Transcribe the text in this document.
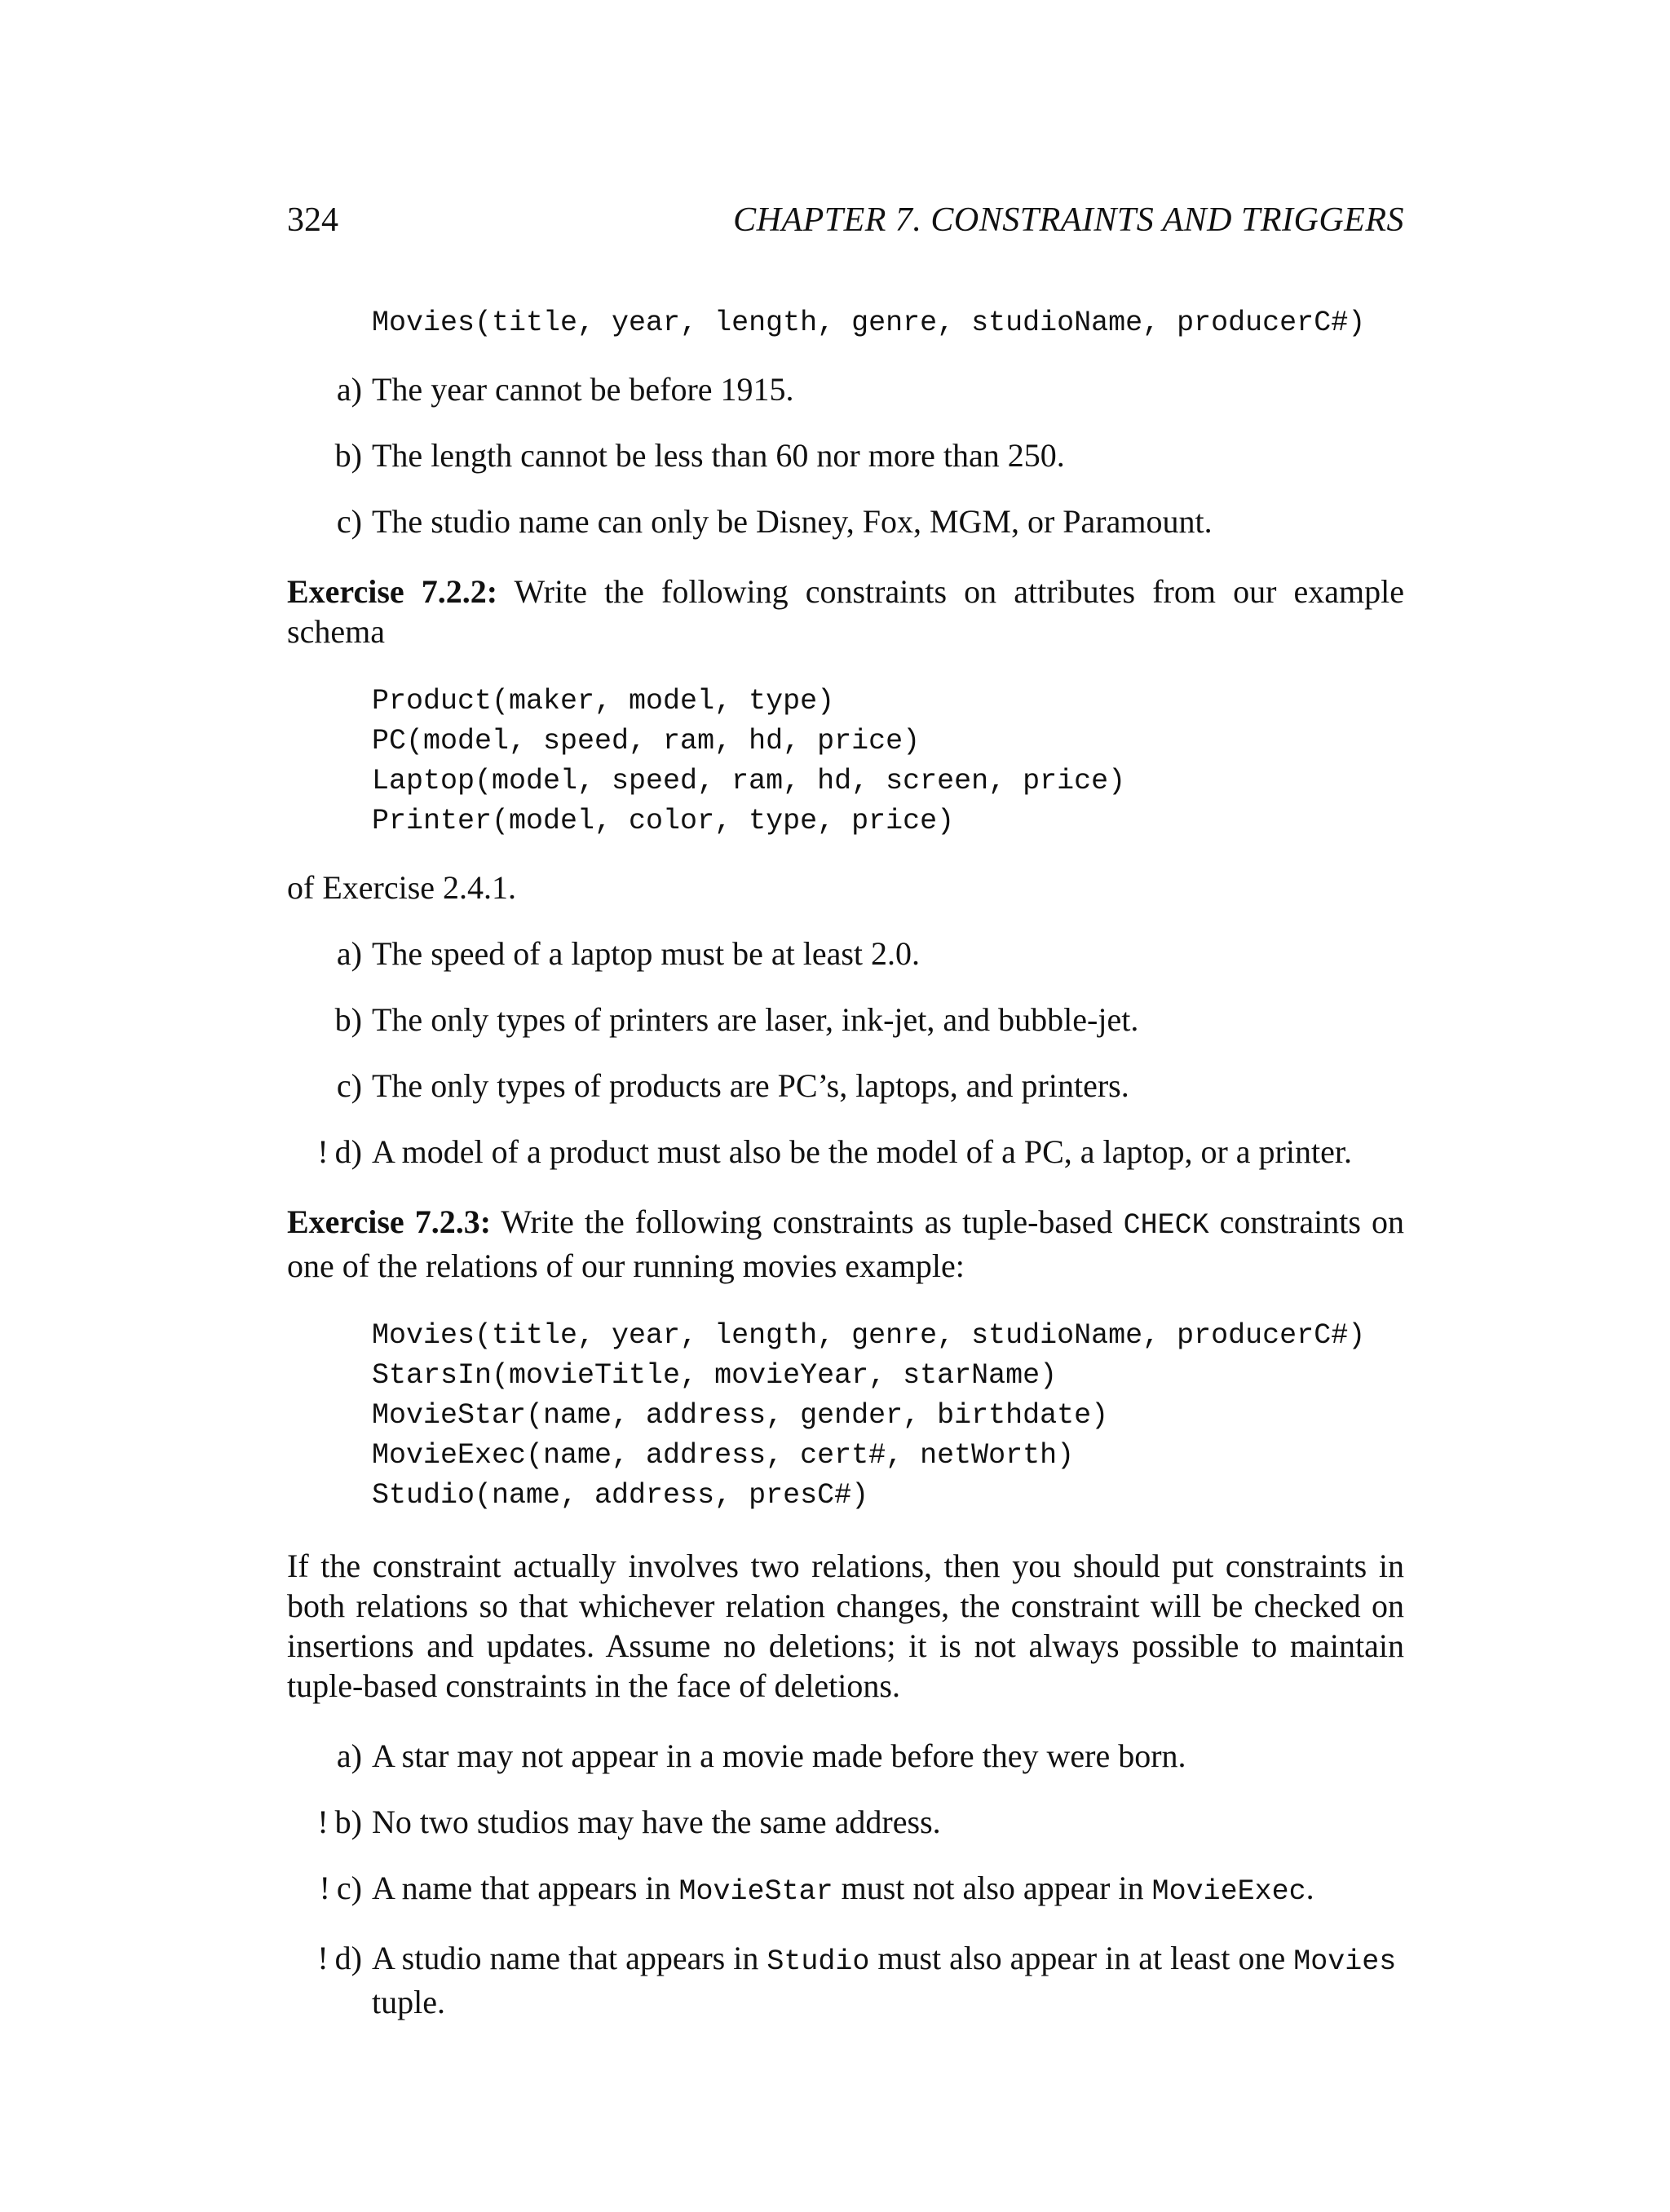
324	CHAPTER 7. CONSTRAINTS AND TRIGGERS
Movies(title, year, length, genre, studioName, producerC#)

a) The year cannot be before 1915.

b) The length cannot be less than 60 nor more than 250.

c) The studio name can only be Disney, Fox, MGM, or Paramount.

Exercise 7.2.2: Write the following constraints on attributes from our example schema

Product(maker, model, type)
PC(model, speed, ram, hd, price)
Laptop(model, speed, ram, hd, screen, price)
Printer(model, color, type, price)

of Exercise 2.4.1.

a) The speed of a laptop must be at least 2.0.

b) The only types of printers are laser, ink-jet, and bubble-jet.

c) The only types of products are PC’s, laptops, and printers.

! d) A model of a product must also be the model of a PC, a laptop, or a printer.

Exercise 7.2.3: Write the following constraints as tuple-based CHECK constraints on one of the relations of our running movies example:

Movies(title, year, length, genre, studioName, producerC#)
StarsIn(movieTitle, movieYear, starName)
MovieStar(name, address, gender, birthdate)
MovieExec(name, address, cert#, netWorth)
Studio(name, address, presC#)

If the constraint actually involves two relations, then you should put constraints in both relations so that whichever relation changes, the constraint will be checked on insertions and updates. Assume no deletions; it is not always possible to maintain tuple-based constraints in the face of deletions.

a) A star may not appear in a movie made before they were born.

! b) No two studios may have the same address.

! c) A name that appears in MovieStar must not also appear in MovieExec.

! d) A studio name that appears in Studio must also appear in at least one Movies tuple.
